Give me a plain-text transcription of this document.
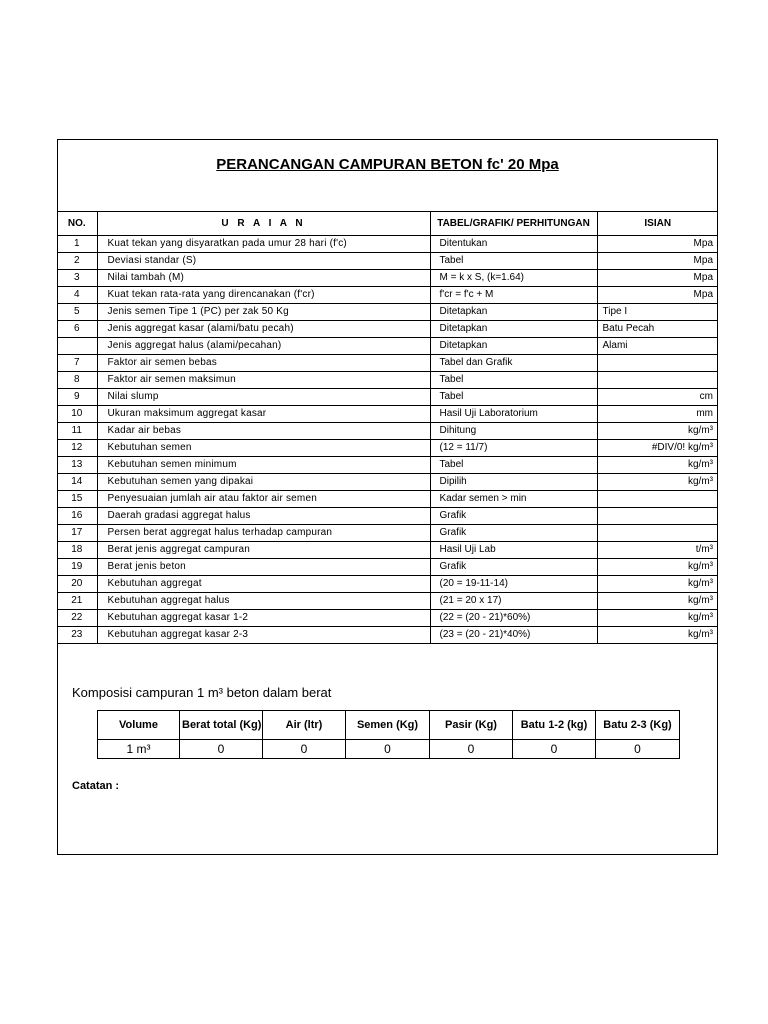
PERANCANGAN CAMPURAN BETON fc' 20 Mpa
NO.	U R A I A N	TABEL/GRAFIK/ PERHITUNGAN	ISIAN
1	Kuat tekan yang disyaratkan pada umur 28 hari (f'c)	Ditentukan	Mpa

2	Deviasi standar (S)	Tabel	Mpa

3	Nilai tambah (M)	M = k x S, (k=1.64)	Mpa

4	Kuat tekan rata-rata yang direncanakan (f'cr)	f'cr = f'c + M	Mpa

5	Jenis semen Tipe 1 (PC) per zak 50 Kg	Ditetapkan	Tipe I

6	Jenis aggregat kasar (alami/batu pecah)	Ditetapkan	Batu Pecah

	Jenis aggregat halus (alami/pecahan)	Ditetapkan	Alami

7	Faktor air semen bebas	Tabel dan Grafik	

8	Faktor air semen maksimun	Tabel	

9	Nilai slump	Tabel	cm

10	Ukuran maksimum aggregat kasar	Hasil Uji Laboratorium	mm

11	Kadar air bebas	Dihitung	kg/m³

12	Kebutuhan semen	(12 = 11/7)	#DIV/0! kg/m³

13	Kebutuhan semen minimum	Tabel	kg/m³

14	Kebutuhan semen yang dipakai	Dipilih	kg/m³

15	Penyesuaian jumlah air atau faktor air semen	Kadar semen > min	

16	Daerah gradasi aggregat halus	Grafik	

17	Persen berat aggregat halus terhadap campuran	Grafik	

18	Berat jenis aggregat campuran	Hasil Uji Lab	t/m³

19	Berat jenis beton	Grafik	kg/m³

20	Kebutuhan aggregat	(20 = 19-11-14)	kg/m³

21	Kebutuhan aggregat halus	(21 = 20 x 17)	kg/m³

22	Kebutuhan aggregat kasar 1-2	(22 = (20 - 21)*60%)	kg/m³

23	Kebutuhan aggregat kasar 2-3	(23 = (20 - 21)*40%)	kg/m³
Komposisi campuran 1 m³ beton dalam berat
Volume	Berat total (Kg)	Air (ltr)	Semen (Kg)	Pasir (Kg)	Batu 1-2 (kg)	Batu 2-3 (Kg)
1 m³	0	0	0	0	0	0
Catatan :
